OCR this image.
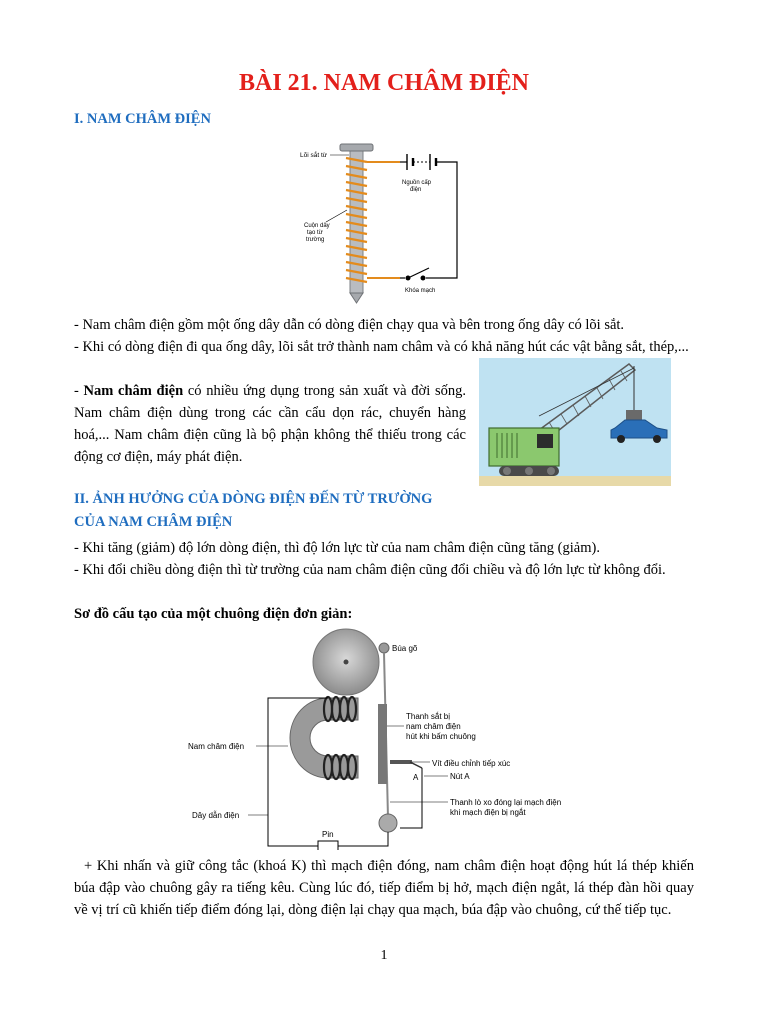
BÀI 21. NAM CHÂM ĐIỆN
I. NAM CHÂM ĐIỆN
Lõi sắt từ
Nguồn cấp
điện
Cuộn dây
tạo từ
trường
Khóa mạch
- Nam châm điện gồm một ống dây dẫn có dòng điện chạy qua và bên trong ống dây có lõi sắt.
- Khi có dòng điện đi qua ống dây, lõi sắt trở thành nam châm và có khả năng hút các vật bằng sắt, thép,...
- Nam châm điện có nhiều ứng dụng trong sản xuất và đời sống. Nam châm điện dùng trong các cần cẩu dọn rác, chuyển hàng hoá,... Nam châm điện cũng là bộ phận không thể thiếu trong các động cơ điện, máy phát điện.
II. ẢNH HƯỞNG CỦA DÒNG ĐIỆN ĐẾN TỪ TRƯỜNG
CỦA NAM CHÂM ĐIỆN
- Khi tăng (giảm) độ lớn dòng điện, thì độ lớn lực từ của nam châm điện cũng tăng (giảm).
- Khi đổi chiều dòng điện thì từ trường của nam châm điện cũng đổi chiều và độ lớn lực từ không đổi.
Sơ đồ cấu tạo của một chuông điện đơn giản:
Búa gõ
Pin
A
Thanh sắt bị
nam châm điện
hút khi bấm chuông
Nam châm điện
Vít điều chỉnh tiếp xúc
Nút A
Thanh lò xo đóng lại mạch điện
khi mạch điện bị ngắt
Dây dẫn điện
+ Khi nhấn và giữ công tắc (khoá K) thì mạch điện đóng, nam châm điện hoạt động hút lá thép khiến búa đập vào chuông gây ra tiếng kêu. Cùng lúc đó, tiếp điểm bị hở, mạch điện ngắt, lá thép đàn hồi quay về vị trí cũ khiến tiếp điểm đóng lại, dòng điện lại chạy qua mạch, búa đập vào chuông, cứ thế tiếp tục.
1
